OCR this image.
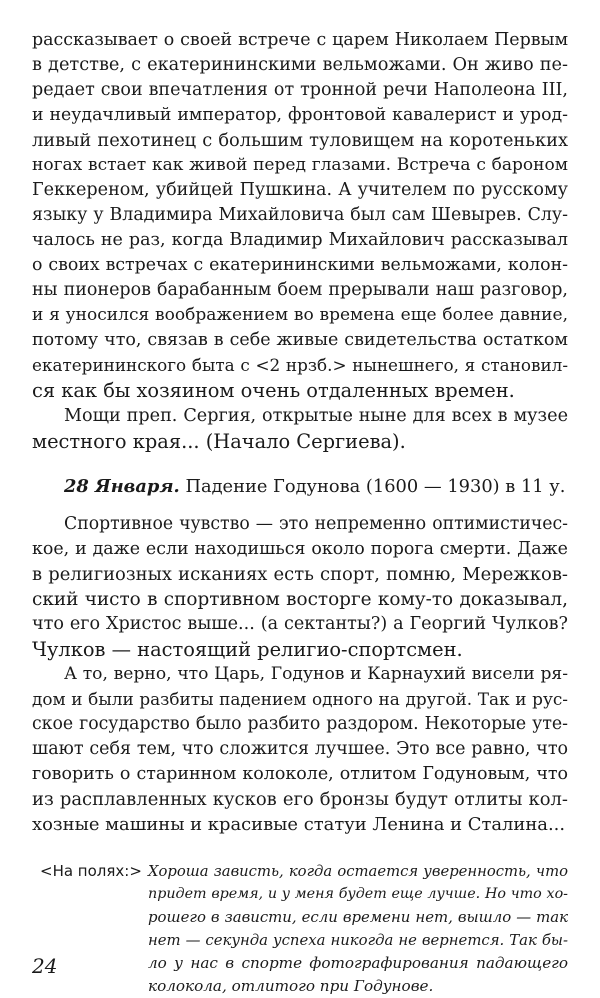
рассказывает о своей встрече с царем Николаем Первым
в детстве, с екатерининскими вельможами. Он живо пе-
редает свои впечатления от тронной речи Наполеона III,
и неудачливый император, фронтовой кавалерист и урод-
ливый пехотинец с большим туловищем на коротеньких
ногах встает как живой перед глазами. Встреча с бароном
Геккереном, убийцей Пушкина. А учителем по русскому
языку у Владимира Михайловича был сам Шевырев. Слу-
чалось не раз, когда Владимир Михайлович рассказывал
о своих встречах с екатерининскими вельможами, колон-
ны пионеров барабанным боем прерывали наш разговор,
и я уносился воображением во времена еще более давние,
потому что, связав в себе живые свидетельства остатком
екатерининского быта с <2 нрзб.> нынешнего, я становил-
ся как бы хозяином очень отдаленных времен.
Мощи преп. Сергия, открытые ныне для всех в музее
местного края... (Начало Сергиева).
28 Января. Падение Годунова (1600 — 1930) в 11 у.
Спортивное чувство — это непременно оптимистичес-
кое, и даже если находишься около порога смерти. Даже
в религиозных исканиях есть спорт, помню, Мережков-
ский чисто в спортивном восторге кому-то доказывал,
что его Христос выше... (а сектанты?) а Георгий Чулков?
Чулков — настоящий религио-спортсмен.
А то, верно, что Царь, Годунов и Карнаухий висели ря-
дом и были разбиты падением одного на другой. Так и рус-
ское государство было разбито раздором. Некоторые уте-
шают себя тем, что сложится лучшее. Это все равно, что
говорить о старинном колоколе, отлитом Годуновым, что
из расплавленных кусков его бронзы будут отлиты кол-
хозные машины и красивые статуи Ленина и Сталина...
<На полях:> Хороша зависть, когда остается уверенность, что
придет время, и у меня будет еще лучше. Но что хо-
рошего в зависти, если времени нет, вышло — так
нет — секунда успеха никогда не вернется. Так бы-
ло у нас в спорте фотографирования падающего
колокола, отлитого при Годунове.
24
